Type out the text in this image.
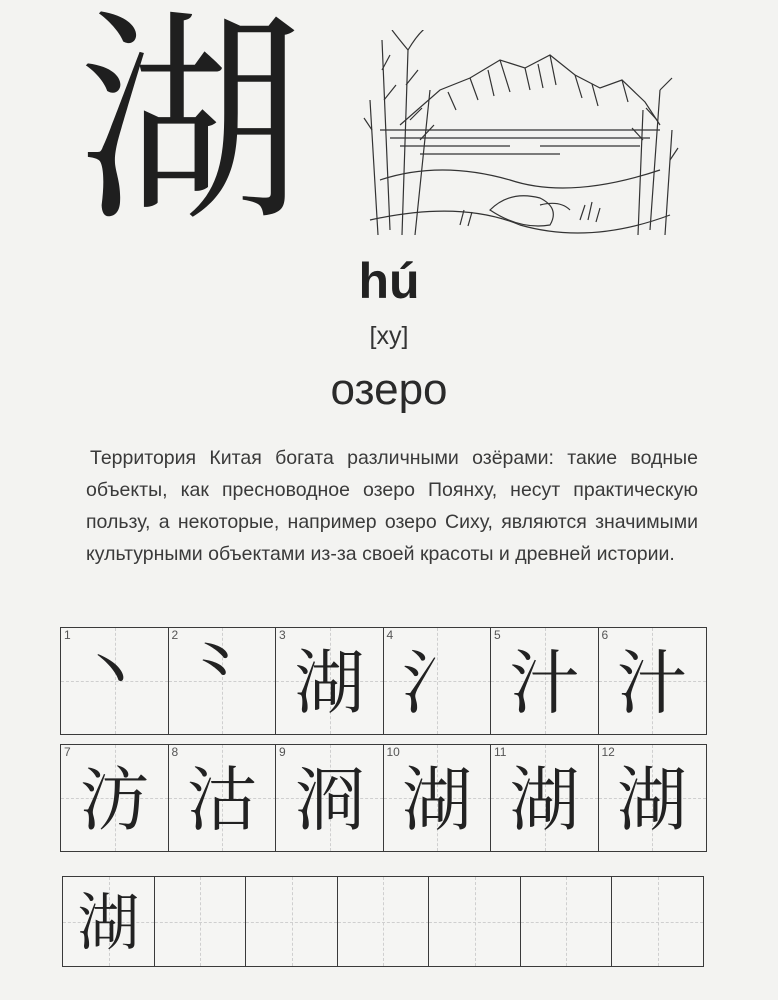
湖
hú
[ху]
озеро

Территория Китая богата различными озёрами: такие водные объекты, как пресноводное озеро Поянху, несут практическую пользу, а некоторые, например озеро Сиху, являются значимыми культурными объектами из-за своей красоты и древней истории.

1 丶	2 ⺀	3
湖
4
氵
5
汁
6
汁
7
汸
8
沽
9
浻
10
湖
11
湖
12
湖
湖
